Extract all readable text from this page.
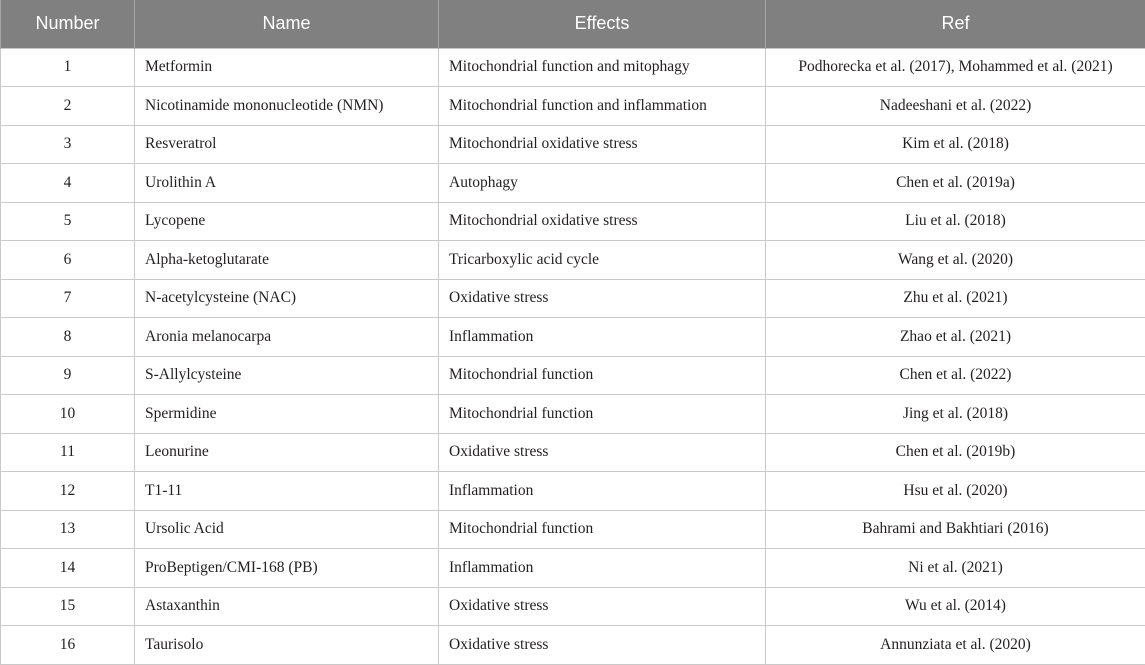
Number	Name	Effects	Ref
1	Metformin	Mitochondrial function and mitophagy	Podhorecka et al. (2017), Mohammed et al. (2021)
2	Nicotinamide mononucleotide (NMN)	Mitochondrial function and inflammation	Nadeeshani et al. (2022)
3	Resveratrol	Mitochondrial oxidative stress	Kim et al. (2018)
4	Urolithin A	Autophagy	Chen et al. (2019a)
5	Lycopene	Mitochondrial oxidative stress	Liu et al. (2018)
6	Alpha-ketoglutarate	Tricarboxylic acid cycle	Wang et al. (2020)
7	N-acetylcysteine (NAC)	Oxidative stress	Zhu et al. (2021)
8	Aronia melanocarpa	Inflammation	Zhao et al. (2021)
9	S-Allylcysteine	Mitochondrial function	Chen et al. (2022)
10	Spermidine	Mitochondrial function	Jing et al. (2018)
11	Leonurine	Oxidative stress	Chen et al. (2019b)
12	T1-11	Inflammation	Hsu et al. (2020)
13	Ursolic Acid	Mitochondrial function	Bahrami and Bakhtiari (2016)
14	ProBeptigen/CMI-168 (PB)	Inflammation	Ni et al. (2021)
15	Astaxanthin	Oxidative stress	Wu et al. (2014)
16	Taurisolo	Oxidative stress	Annunziata et al. (2020)
